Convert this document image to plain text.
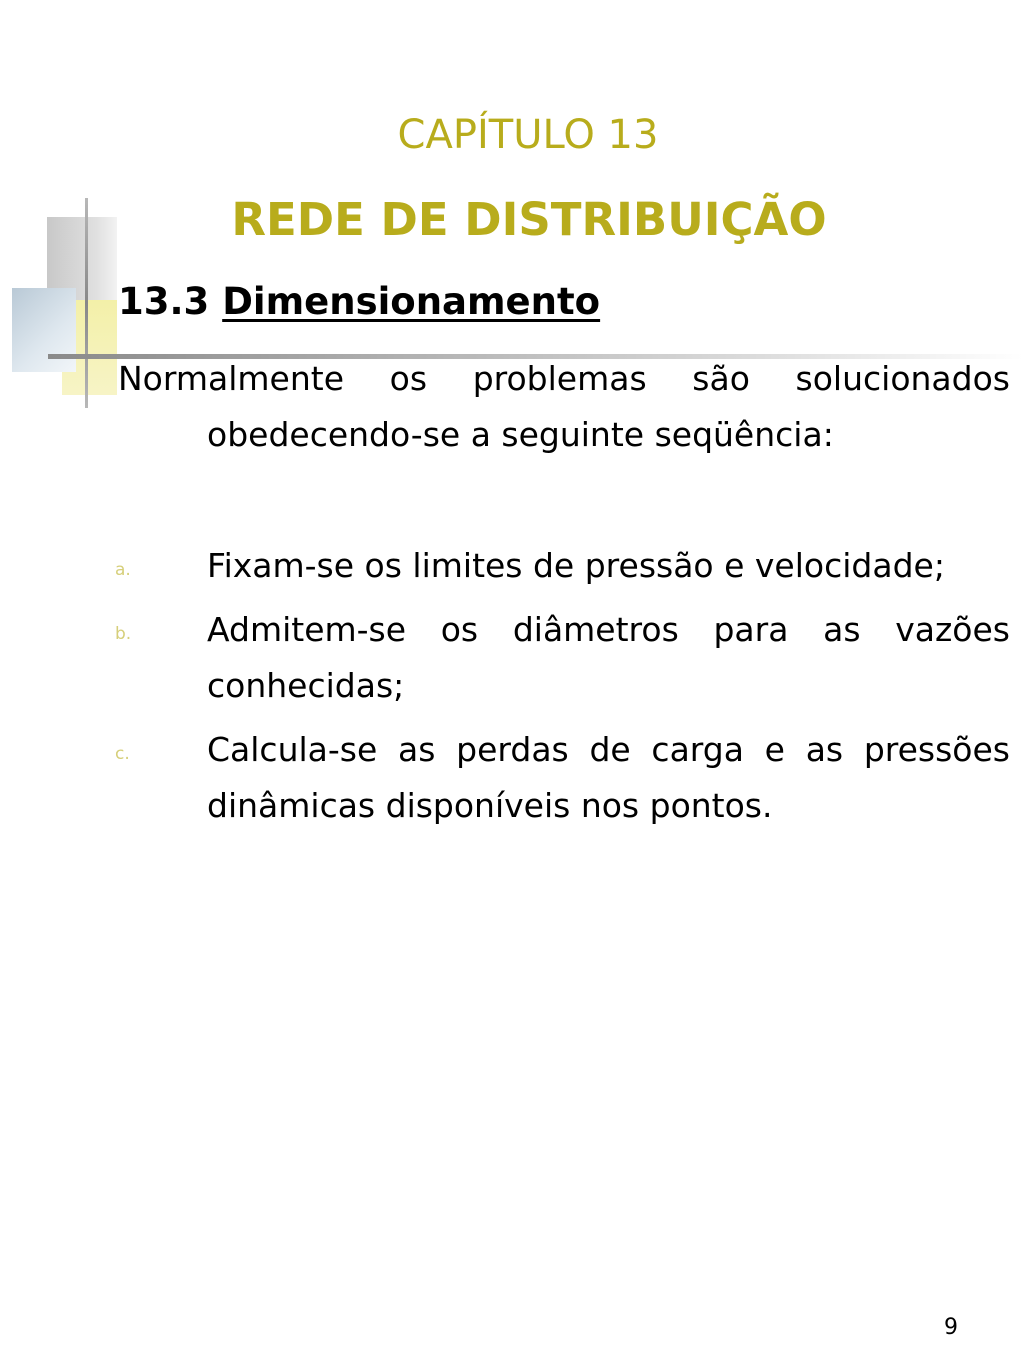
CAPÍTULO 13
REDE DE DISTRIBUIÇÃO
13.3 Dimensionamento
Normalmente os problemas são solucionados
obedecendo-se a seguinte seqüência:
a. Fixam-se os limites de pressão e velocidade;
b. Admitem-se os diâmetros para as vazões conhecidas;
c. Calcula-se as perdas de carga e as pressões dinâmicas disponíveis nos pontos.
9
